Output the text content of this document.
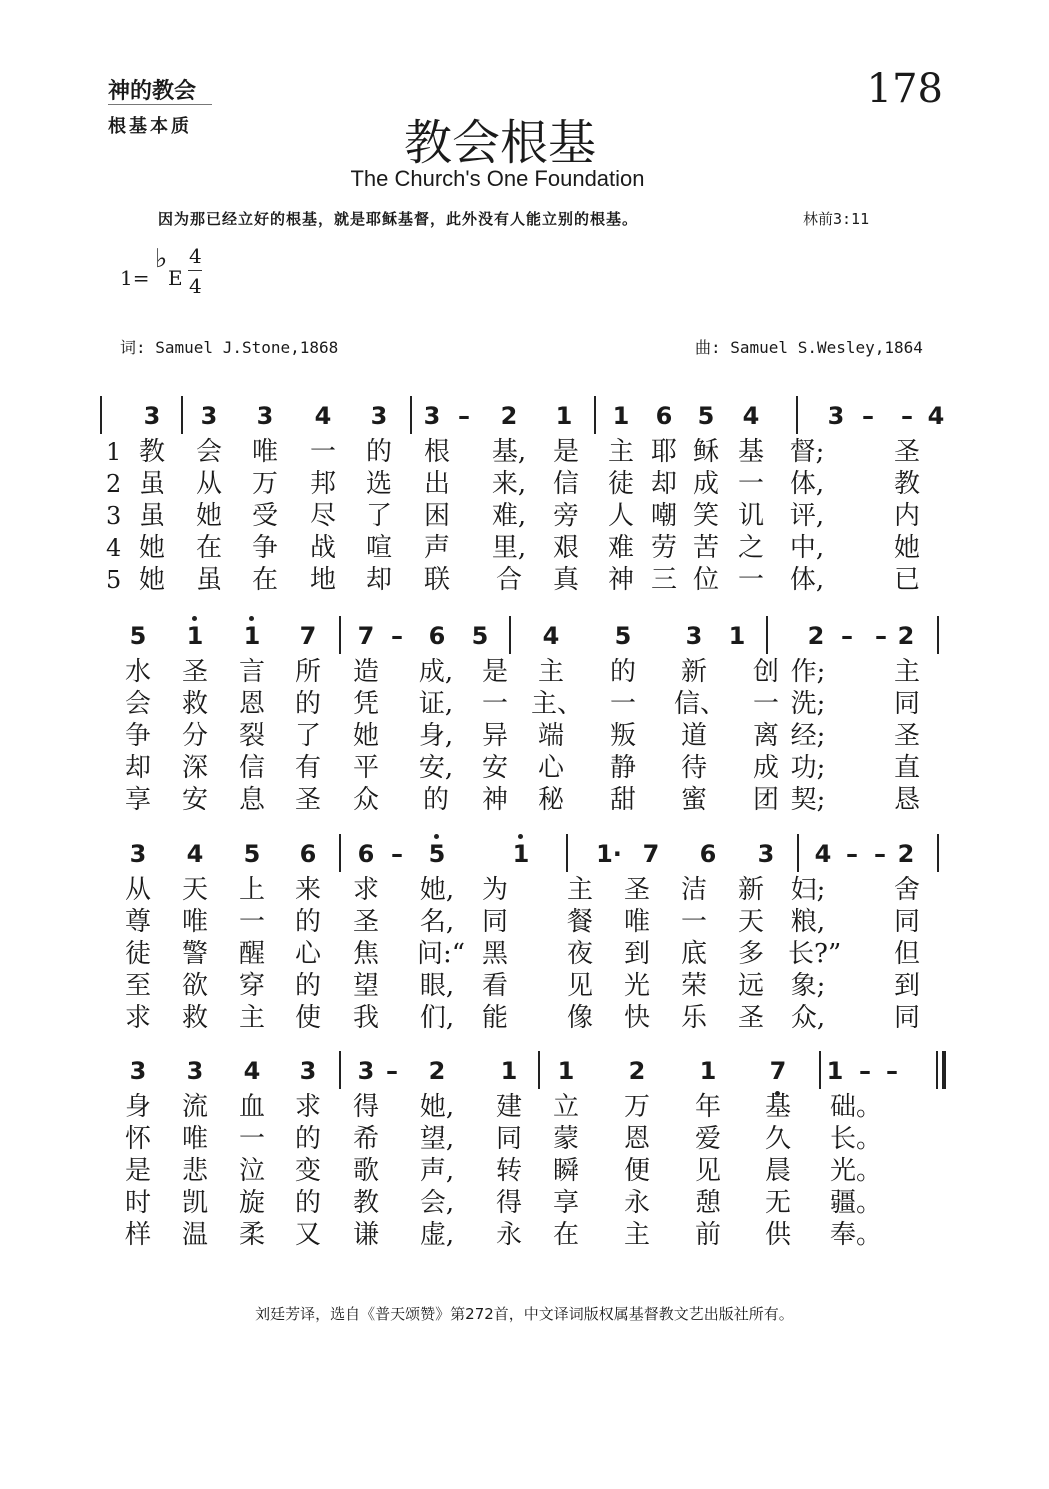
神的教会
根基本质
178
教会根基
The Church's One Foundation
因为那已经立好的根基，就是耶稣基督，此外没有人能立别的根基。	林前3:11
1=
♭
E
4
4
词: Samuel J.Stone,1868	曲: Samuel S.Wesley,1864
3	3	3	4	3	3 –	2	1	1	6	5	4	3 –	– 4
1 教 会 唯 一 的 根 基, 是 主 耶 稣 基 督;	圣
2 虽 从 万 邦 选 出 来, 信 徒 却 成 一 体,	教
3 虽 她 受 尽 了 困 难, 旁 人 嘲 笑 讥 评,	内
4 她 在 争 战 喧 声 里, 艰 难 劳 苦 之 中,	她
5 她 虽 在 地 却 联 合 真 神 三 位 一 体,	已
5	1	1	7	7 –	6	5	4	5	3	1	2 – – 2
水 圣 言 所 造 成, 是 主 的 新 创 作;	主
会 救 恩 的 凭 证, 一 主、 一 信、 一 洗;	同
争 分 裂 了 她 身, 异 端 叛 道 离 经;	圣
却 深 信 有 平 安, 安 心 静 待 成 功;	直
享 安 息 圣 众 的 神 秘 甜 蜜 团 契;	恳
3	4	5	6	6 –	5	1	1· 7	6	3	4 – – 2
从 天 上 来 求 她, 为 主 圣 洁 新 妇;	舍
尊 唯 一 的 圣 名, 同 餐 唯 一 天 粮,	同
徒 警 醒 心 焦 问:“ 黑 夜 到 底 多 长?” 但
至 欲 穿 的 望 眼, 看 见 光 荣 远 象;	到
求 救 主 使 我 们, 能 像 快 乐 圣 众,	同
3	3	4	3	3 –	2	1	1	2	1	7	1 – –
身 流 血 求 得 她, 建 立 万 年 基 础。
怀 唯 一 的 希 望, 同 蒙 恩 爱 久 长。
是 悲 泣 变 歌 声, 转 瞬 便 见 晨 光。
时 凯 旋 的 教 会, 得 享 永 憩 无 疆。
样 温 柔 又 谦 虚, 永 在 主 前 供 奉。
刘廷芳译，选自《普天颂赞》第272首，中文译词版权属基督教文艺出版社所有。
